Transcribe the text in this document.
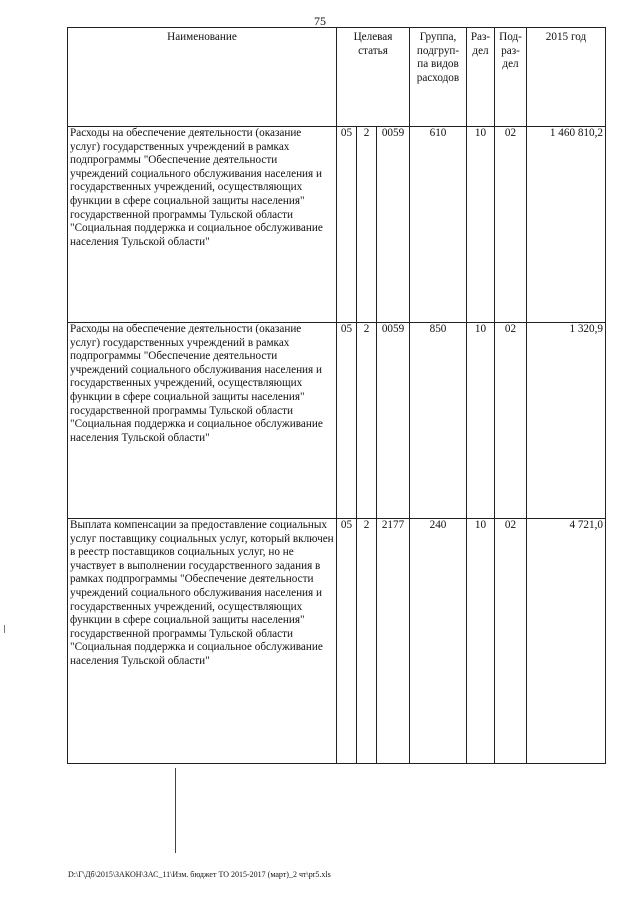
75
Наименование	Целевая статья			Группа, подгруп-па видов расходов	Раз-дел	Под-раз-дел	2015 год
Расходы на обеспечение деятельности (оказание услуг) государственных учреждений в рамках подпрограммы "Обеспечение деятельности учреждений социального обслуживания населения и государственных учреждений, осуществляющих функции в сфере социальной защиты населения" государственной программы Тульской области "Социальная поддержка и социальное обслуживание населения Тульской области"	05	2	0059	610	10	02	1 460 810,2
Расходы на обеспечение деятельности (оказание услуг) государственных учреждений в рамках подпрограммы "Обеспечение деятельности учреждений социального обслуживания населения и государственных учреждений, осуществляющих функции в сфере социальной защиты населения" государственной программы Тульской области "Социальная поддержка и социальное обслуживание населения Тульской области"	05	2	0059	850	10	02	1 320,9
Выплата компенсации за предоставление социальных услуг поставщику социальных услуг, который включен в реестр поставщиков социальных услуг, но не участвует в выполнении государственного задания в рамках подпрограммы "Обеспечение деятельности учреждений социального обслуживания населения и государственных учреждений, осуществляющих функции в сфере социальной защиты населения" государственной программы Тульской области "Социальная поддержка и социальное обслуживание населения Тульской области"	05	2	2177	240	10	02	4 721,0
D:\Г\Дб\2015\ЗАКОН\ЗАС_11\Изм. бюджет ТО 2015-2017 (март)_2 чт\pr5.xls
